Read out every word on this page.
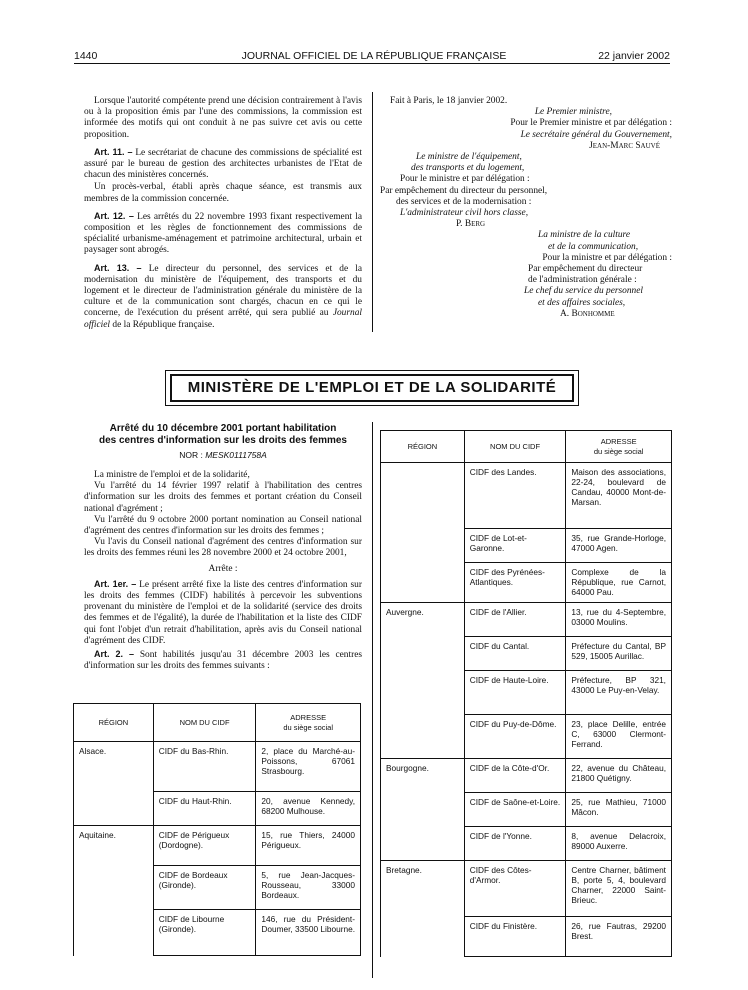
1440	JOURNAL OFFICIEL DE LA RÉPUBLIQUE FRANÇAISE	22 janvier 2002

Lorsque l'autorité compétente prend une décision contrairement à l'avis ou à la proposition émis par l'une des commissions, la commission est informée des motifs qui ont conduit à ne pas suivre cet avis ou cette proposition.

Art. 11. – Le secrétariat de chacune des commissions de spécialité est assuré par le bureau de gestion des architectes urbanistes de l'Etat de chacun des ministères concernés.

Un procès-verbal, établi après chaque séance, est transmis aux membres de la commission concernée.

Art. 12. – Les arrêtés du 22 novembre 1993 fixant respectivement la composition et les règles de fonctionnement des commissions de spécialité urbanisme-aménagement et patrimoine architectural, urbain et paysager sont abrogés.

Art. 13. – Le directeur du personnel, des services et de la modernisation du ministère de l'équipement, des transports et du logement et le directeur de l'administration générale du ministère de la culture et de la communication sont chargés, chacun en ce qui le concerne, de l'exécution du présent arrêté, qui sera publié au Journal officiel de la République française.

Fait à Paris, le 18 janvier 2002.
Le Premier ministre,
Pour le Premier ministre et par délégation :
Le secrétaire général du Gouvernement,
Jean-Marc Sauvé
Le ministre de l'équipement,
des transports et du logement,
Pour le ministre et par délégation :
Par empêchement du directeur du personnel,
des services et de la modernisation :
L'administrateur civil hors classe,
P. Berg
La ministre de la culture
et de la communication,
Pour la ministre et par délégation :
Par empêchement du directeur
de l'administration générale :
Le chef du service du personnel
et des affaires sociales,
A. Bonhomme
MINISTÈRE DE L'EMPLOI ET DE LA SOLIDARITÉ
Arrêté du 10 décembre 2001 portant habilitation
des centres d'information sur les droits des femmes
NOR : MESK0111758A

La ministre de l'emploi et de la solidarité,

Vu l'arrêté du 14 février 1997 relatif à l'habilitation des centres d'information sur les droits des femmes et portant création du Conseil national d'agrément ;

Vu l'arrêté du 9 octobre 2000 portant nomination au Conseil national d'agrément des centres d'information sur les droits des femmes ;

Vu l'avis du Conseil national d'agrément des centres d'information sur les droits des femmes réuni les 28 novembre 2000 et 24 octobre 2001,

Arrête :

Art. 1er. – Le présent arrêté fixe la liste des centres d'information sur les droits des femmes (CIDF) habilités à percevoir les subventions provenant du ministère de l'emploi et de la solidarité (service des droits des femmes et de l'égalité), la durée de l'habilitation et la liste des CIDF qui font l'objet d'un retrait d'habilitation, après avis du Conseil national d'agrément des CIDF.

Art. 2. – Sont habilités jusqu'au 31 décembre 2003 les centres d'information sur les droits des femmes suivants :

RÉGION	NOM DU CIDF	ADRESSE
du siège social

Alsace.	CIDF du Bas-Rhin.	2, place du Marché-au-Poissons, 67061 Strasbourg.
	CIDF du Haut-Rhin.	20, avenue Kennedy, 68200 Mulhouse.
Aquitaine.	CIDF de Périgueux (Dordogne).	15, rue Thiers, 24000 Périgueux.
	CIDF de Bordeaux (Gironde).	5, rue Jean-Jacques-Rousseau, 33000 Bordeaux.
	CIDF de Libourne (Gironde).	146, rue du Président-Doumer, 33500 Libourne.
RÉGION	NOM DU CIDF	ADRESSE
du siège social

	CIDF des Landes.	Maison des associations, 22-24, boulevard de Candau, 40000 Mont-de-Marsan.
	CIDF de Lot-et-Garonne.	35, rue Grande-Horloge, 47000 Agen.
	CIDF des Pyrénées-Atlantiques.	Complexe de la République, rue Carnot, 64000 Pau.
Auvergne.	CIDF de l'Allier.	13, rue du 4-Septembre, 03000 Moulins.
	CIDF du Cantal.	Préfecture du Cantal, BP 529, 15005 Aurillac.
	CIDF de Haute-Loire.	Préfecture, BP 321, 43000 Le Puy-en-Velay.
	CIDF du Puy-de-Dôme.	23, place Delille, entrée C, 63000 Clermont-Ferrand.
Bourgogne.	CIDF de la Côte-d'Or.	22, avenue du Château, 21800 Quétigny.
	CIDF de Saône-et-Loire.	25, rue Mathieu, 71000 Mâcon.
	CIDF de l'Yonne.	8, avenue Delacroix, 89000 Auxerre.
Bretagne.	CIDF des Côtes-d'Armor.	Centre Charner, bâtiment B, porte 5, 4, boulevard Charner, 22000 Saint-Brieuc.
	CIDF du Finistère.	26, rue Fautras, 29200 Brest.
